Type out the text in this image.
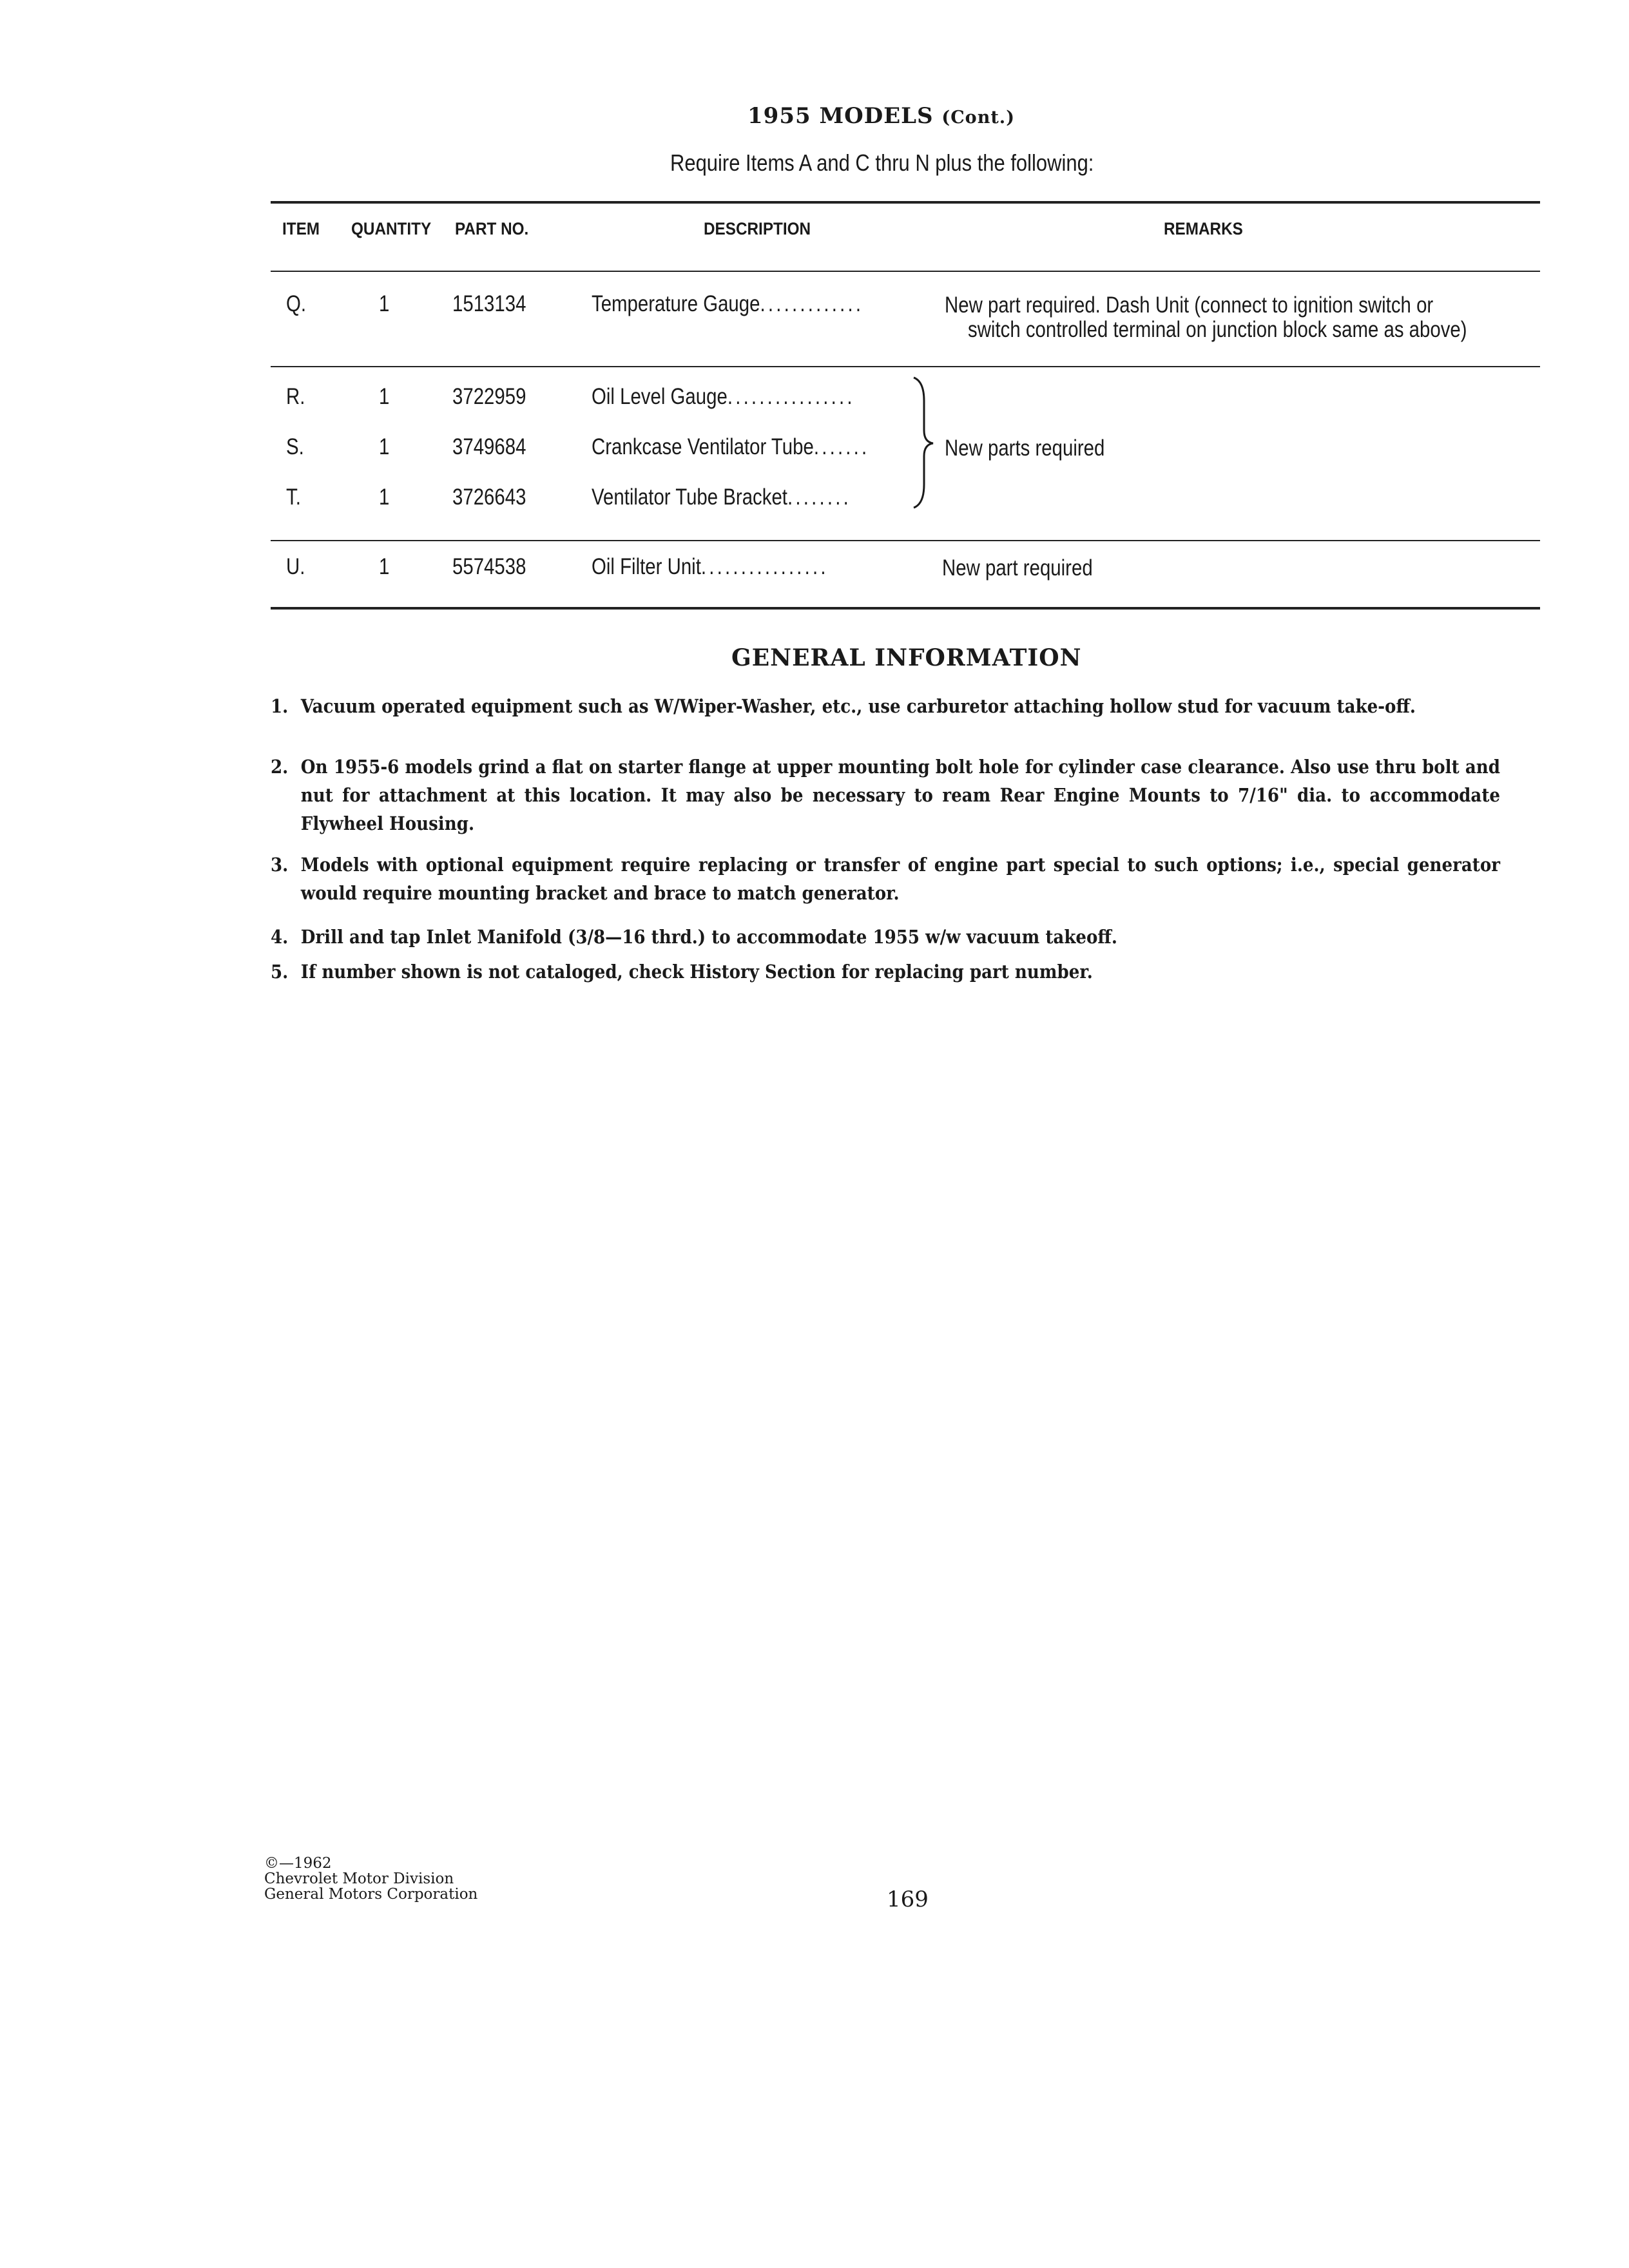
1955 MODELS (Cont.)
Require Items A and C thru N plus the following:
ITEM QUANTITY PART NO.	DESCRIPTION	REMARKS
Q.	1	1513134	Temperature Gauge.............	New part required. Dash Unit (connect to ignition switch or
switch controlled terminal on junction block same as above)
R.	1	3722959	Oil Level Gauge................
S.	1	3749684	Crankcase Ventilator Tube.......
T.	1	3726643	Ventilator Tube Bracket........
New parts required
U.	1	5574538	Oil Filter Unit................	New part required
GENERAL INFORMATION
1. Vacuum operated equipment such as W/Wiper-Washer, etc., use carburetor attaching hollow stud for vacuum take-off.
2. On 1955-6 models grind a flat on starter flange at upper mounting bolt hole for cylinder case clearance. Also use thru bolt and nut for attachment at this location. It may also be necessary to ream Rear Engine Mounts to 7/16" dia. to accommodate Flywheel Housing.
3. Models with optional equipment require replacing or transfer of engine part special to such options; i.e., special generator would require mounting bracket and brace to match generator.
4. Drill and tap Inlet Manifold (3/8—16 thrd.) to accommodate 1955 w/w vacuum takeoff.
5. If number shown is not cataloged, check History Section for replacing part number.
©—1962
Chevrolet Motor Division
General Motors Corporation	169
